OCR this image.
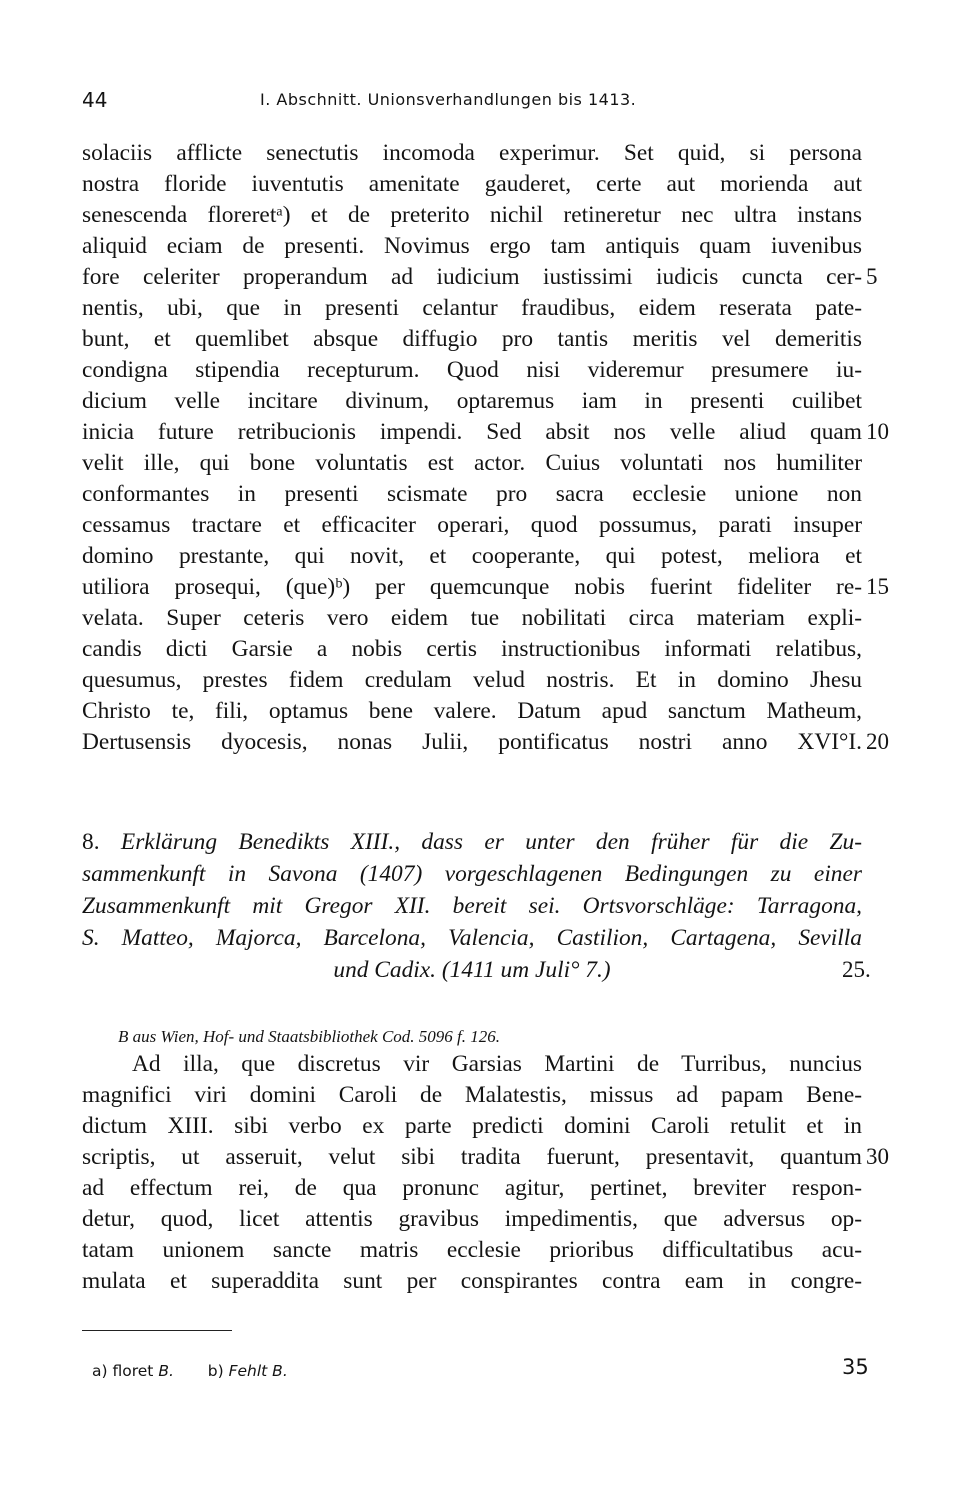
44	I. Abschnitt. Unionsverhandlungen bis 1413.
solaciis afflicte senectutis incomoda experimur. Set quid, si persona
nostra floride iuventutis amenitate gauderet, certe aut morienda aut
senescenda floreretᵃ) et de preterito nichil retineretur nec ultra instans
aliquid eciam de presenti. Novimus ergo tam antiquis quam iuvenibus
fore celeriter properandum ad iudicium iustissimi iudicis cuncta cer-
nentis, ubi, que in presenti celantur fraudibus, eidem reserata pate-
bunt, et quemlibet absque diffugio pro tantis meritis vel demeritis
condigna stipendia recepturum. Quod nisi videremur presumere iu-
dicium velle incitare divinum, optaremus iam in presenti cuilibet
inicia future retribucionis impendi. Sed absit nos velle aliud quam
velit ille, qui bone voluntatis est actor. Cuius voluntati nos humiliter
conformantes in presenti scismate pro sacra ecclesie unione non
cessamus tractare et efficaciter operari, quod possumus, parati insuper
domino prestante, qui novit, et cooperante, qui potest, meliora et
utiliora prosequi, (que)ᵇ) per quemcunque nobis fuerint fideliter re-
velata. Super ceteris vero eidem tue nobilitati circa materiam expli-
candis dicti Garsie a nobis certis instructionibus informati relatibus,
quesumus, prestes fidem credulam velud nostris. Et in domino Jhesu
Christo te, fili, optamus bene valere. Datum apud sanctum Matheum,
Dertusensis dyocesis, nonas Julii, pontificatus nostri anno XVI°I.
5
10
15
20
8. Erklärung Benedikts XIII., dass er unter den früher für die Zu-
sammenkunft in Savona (1407) vorgeschlagenen Bedingungen zu einer
Zusammenkunft mit Gregor XII. bereit sei. Ortsvorschläge: Tarragona,
S. Matteo, Majorca, Barcelona, Valencia, Castilion, Cartagena, Sevilla
und Cadix. (1411 um Juli° 7.)	25.
B aus Wien, Hof- und Staatsbibliothek Cod. 5096 f. 126.
Ad illa, que discretus vir Garsias Martini de Turribus, nuncius
magnifici viri domini Caroli de Malatestis, missus ad papam Bene-
dictum XIII. sibi verbo ex parte predicti domini Caroli retulit et in
scriptis, ut asseruit, velut sibi tradita fuerunt, presentavit, quantum
ad effectum rei, de qua pronunc agitur, pertinet, breviter respon-
detur, quod, licet attentis gravibus impedimentis, que adversus op-
tatam unionem sancte matris ecclesie prioribus difficultatibus acu-
mulata et superaddita sunt per conspirantes contra eam in congre-
30
a) floret B. b) Fehlt B.	35
